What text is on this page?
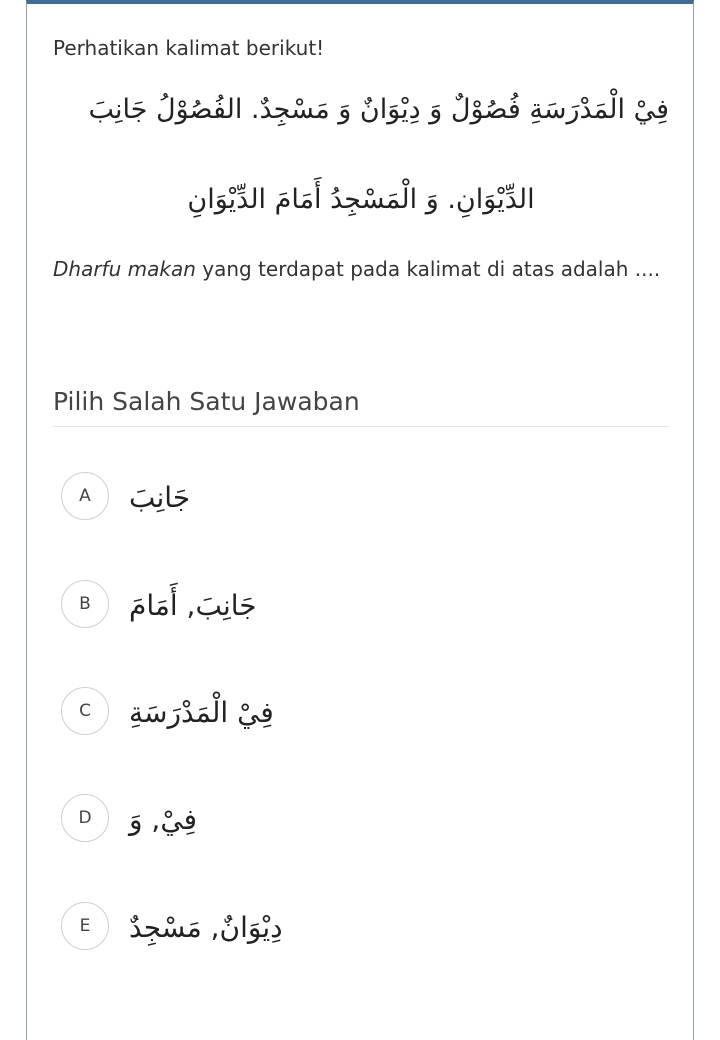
Perhatikan kalimat berikut!
فِيْ الْمَدْرَسَةِ فُصُوْلٌ وَ دِيْوَانٌ وَ مَسْجِدٌ. الفُصُوْلُ جَانِبَ
الدِّيْوَانِ. وَ الْمَسْجِدُ أَمَامَ الدِّيْوَانِ
Dharfu makan yang terdapat pada kalimat di atas adalah ....
Pilih Salah Satu Jawaban
A	جَانِبَ
B	جَانِبَ, أَمَامَ
C	فِيْ الْمَدْرَسَةِ
D	فِيْ, وَ
E	دِيْوَانٌ, مَسْجِدٌ
